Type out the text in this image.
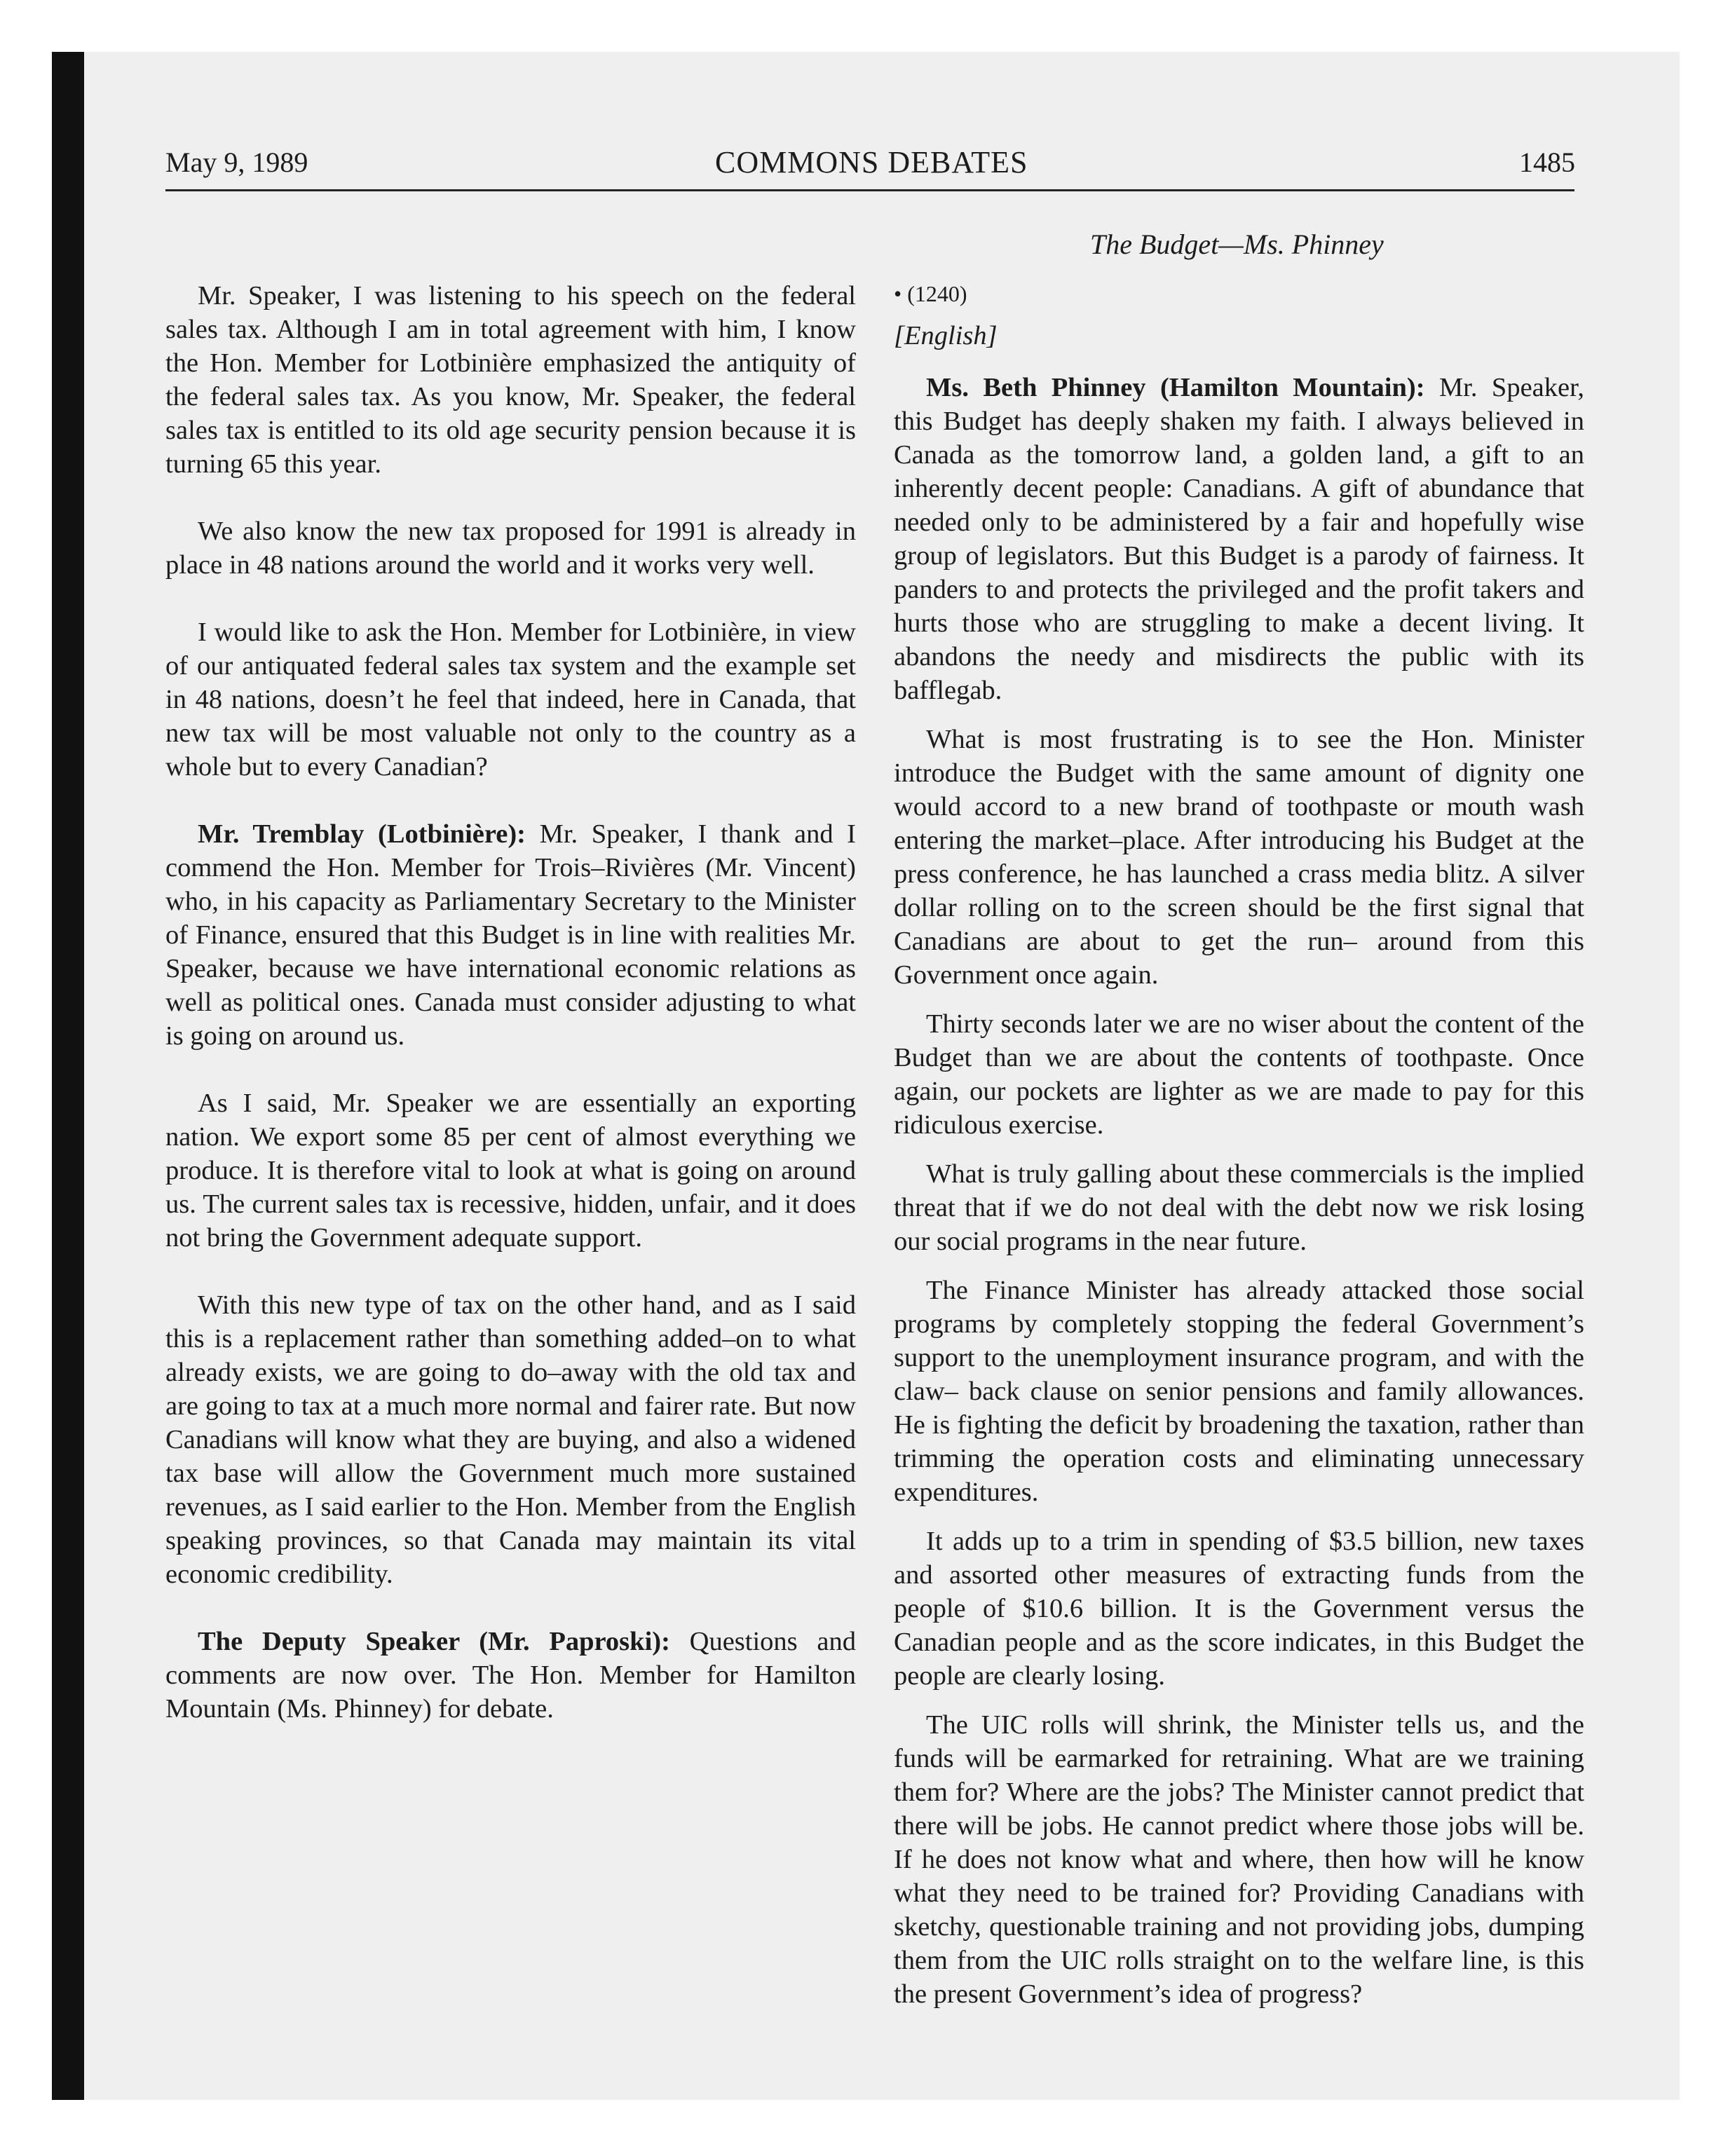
May 9, 1989	COMMONS DEBATES	1485
The Budget—Ms. Phinney

Mr. Speaker, I was listening to his speech on the federal sales tax. Although I am in total agreement with him, I know the Hon. Member for Lotbinière emphasized the antiquity of the federal sales tax. As you know, Mr. Speaker, the federal sales tax is entitled to its old age security pension because it is turning 65 this year.

We also know the new tax proposed for 1991 is already in place in 48 nations around the world and it works very well.

I would like to ask the Hon. Member for Lotbinière, in view of our antiquated federal sales tax system and the example set in 48 nations, doesn’t he feel that indeed, here in Canada, that new tax will be most valuable not only to the country as a whole but to every Canadian?

Mr. Tremblay (Lotbinière): Mr. Speaker, I thank and I commend the Hon. Member for Trois–Rivières (Mr. Vincent) who, in his capacity as Parliamentary Secretary to the Minister of Finance, ensured that this Budget is in line with realities Mr. Speaker, because we have international economic relations as well as political ones. Canada must consider adjusting to what is going on around us.

As I said, Mr. Speaker we are essentially an exporting nation. We export some 85 per cent of almost everything we produce. It is therefore vital to look at what is going on around us. The current sales tax is recessive, hidden, unfair, and it does not bring the Government adequate support.

With this new type of tax on the other hand, and as I said this is a replacement rather than something added–on to what already exists, we are going to do–away with the old tax and are going to tax at a much more normal and fairer rate. But now Canadians will know what they are buying, and also a widened tax base will allow the Government much more sustained revenues, as I said earlier to the Hon. Member from the English speaking provinces, so that Canada may maintain its vital economic credibility.

The Deputy Speaker (Mr. Paproski): Questions and comments are now over. The Hon. Member for Hamilton Mountain (Ms. Phinney) for debate.

• (1240)

[English]

Ms. Beth Phinney (Hamilton Mountain): Mr. Speaker, this Budget has deeply shaken my faith. I always believed in Canada as the tomorrow land, a golden land, a gift to an inherently decent people: Canadians. A gift of abundance that needed only to be administered by a fair and hopefully wise group of legislators. But this Budget is a parody of fairness. It panders to and protects the privileged and the profit takers and hurts those who are struggling to make a decent living. It abandons the needy and misdirects the public with its bafflegab.

What is most frustrating is to see the Hon. Minister introduce the Budget with the same amount of dignity one would accord to a new brand of toothpaste or mouth wash entering the market–place. After introducing his Budget at the press conference, he has launched a crass media blitz. A silver dollar rolling on to the screen should be the first signal that Canadians are about to get the run– around from this Government once again.

Thirty seconds later we are no wiser about the content of the Budget than we are about the contents of toothpaste. Once again, our pockets are lighter as we are made to pay for this ridiculous exercise.

What is truly galling about these commercials is the implied threat that if we do not deal with the debt now we risk losing our social programs in the near future.

The Finance Minister has already attacked those social programs by completely stopping the federal Government’s support to the unemployment insurance program, and with the claw– back clause on senior pensions and family allowances. He is fighting the deficit by broadening the taxation, rather than trimming the operation costs and eliminating unnecessary expenditures.

It adds up to a trim in spending of $3.5 billion, new taxes and assorted other measures of extracting funds from the people of $10.6 billion. It is the Government versus the Canadian people and as the score indicates, in this Budget the people are clearly losing.

The UIC rolls will shrink, the Minister tells us, and the funds will be earmarked for retraining. What are we training them for? Where are the jobs? The Minister cannot predict that there will be jobs. He cannot predict where those jobs will be. If he does not know what and where, then how will he know what they need to be trained for? Providing Canadians with sketchy, questionable training and not providing jobs, dumping them from the UIC rolls straight on to the welfare line, is this the present Government’s idea of progress?
